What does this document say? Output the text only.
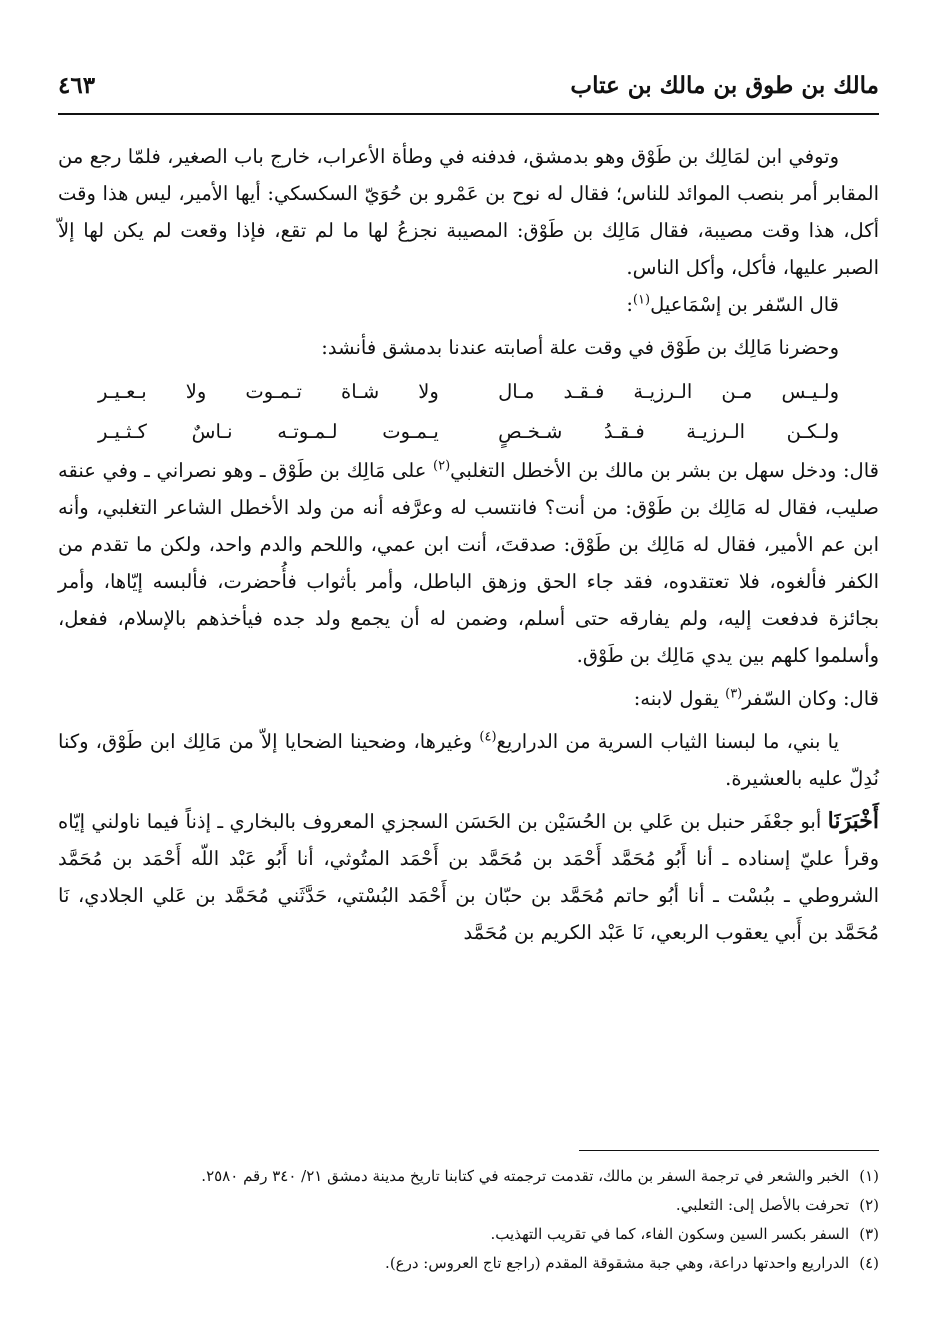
مالك بن طوق بن مالك بن عتاب
٤٦٣

وتوفي ابن لمَالِك بن طَوْق وهو بدمشق، فدفنه في وطأة الأعراب، خارج باب الصغير، فلمّا رجع من المقابر أمر بنصب الموائد للناس؛ فقال له نوح بن عَمْرو بن حُوَيّ السكسكي: أيها الأمير، ليس هذا وقت أكل، هذا وقت مصيبة، فقال مَالِك بن طَوْق: المصيبة نجزعُ لها ما لم تقع، فإذا وقعت لم يكن لها إلاّ الصبر عليها، فأكل، وأكل الناس.

قال السّفر بن إسْمَاعيل$^{(١)}$:

وحضرنا مَالِك بن طَوْق في وقت علة أصابته عندنا بدمشق فأنشد:

ولـيـس مـن الـرزيـة فـقـد مـال
ولا شـاة تـمـوت ولا بـعـيـر
ولـكـن الـرزيـة فـقـدُ شـخـصٍ
يـمـوت لـمـوتـه نـاسٌ كـثـيـر

قال: ودخل سهل بن بشر بن مالك بن الأخطل التغلبي$^{(٢)}$ على مَالِك بن طَوْق ـ وهو نصراني ـ وفي عنقه صليب، فقال له مَالِك بن طَوْق: من أنت؟ فانتسب له وعرَّفه أنه من ولد الأخطل الشاعر التغلبي، وأنه ابن عم الأمير، فقال له مَالِك بن طَوْق: صدقتَ، أنت ابن عمي، واللحم والدم واحد، ولكن ما تقدم من الكفر فألغوه، فلا تعتقدوه، فقد جاء الحق وزهق الباطل، وأمر بأثواب فأُحضرت، فألبسه إيّاها، وأمر بجائزة فدفعت إليه، ولم يفارقه حتى أسلم، وضمن له أن يجمع ولد جده فيأخذهم بالإسلام، ففعل، وأسلموا كلهم بين يدي مَالِك بن طَوْق.

قال: وكان السّفر$^{(٣)}$ يقول لابنه:

يا بني، ما لبسنا الثياب السرية من الدراريع$^{(٤)}$ وغيرها، وضحينا الضحايا إلاّ من مَالِك ابن طَوْق، وكنا نُدِلّ عليه بالعشيرة.

أَخْبَرَنَا أبو جعْفَر حنبل بن عَلي بن الحُسَيْن بن الحَسَن السجزي المعروف بالبخاري ـ إذناً فيما ناولني إيّاه وقرأ عليّ إسناده ـ أنا أَبُو مُحَمَّد أَحْمَد بن مُحَمَّد بن أَحْمَد المتُوثي، أنا أَبُو عَبْد اللّه أَحْمَد بن مُحَمَّد الشروطي ـ ببُسْت ـ أنا أبُو حاتم مُحَمَّد بن حبّان بن أَحْمَد البُسْتي، حَدَّثَني مُحَمَّد بن عَلي الجلادي، نَا مُحَمَّد بن أَبي يعقوب الربعي، نَا عَبْد الكريم بن مُحَمَّد

(١)
الخبر والشعر في ترجمة السفر بن مالك، تقدمت ترجمته في كتابنا تاريخ مدينة دمشق ٢١/ ٣٤٠ رقم ٢٥٨٠.
(٢)
تحرفت بالأصل إلى: الثعلبي.
(٣)
السفر بكسر السين وسكون الفاء، كما في تقريب التهذيب.
(٤)
الدراريع واحدتها دراعة، وهي جبة مشقوقة المقدم (راجع تاج العروس: درع).
